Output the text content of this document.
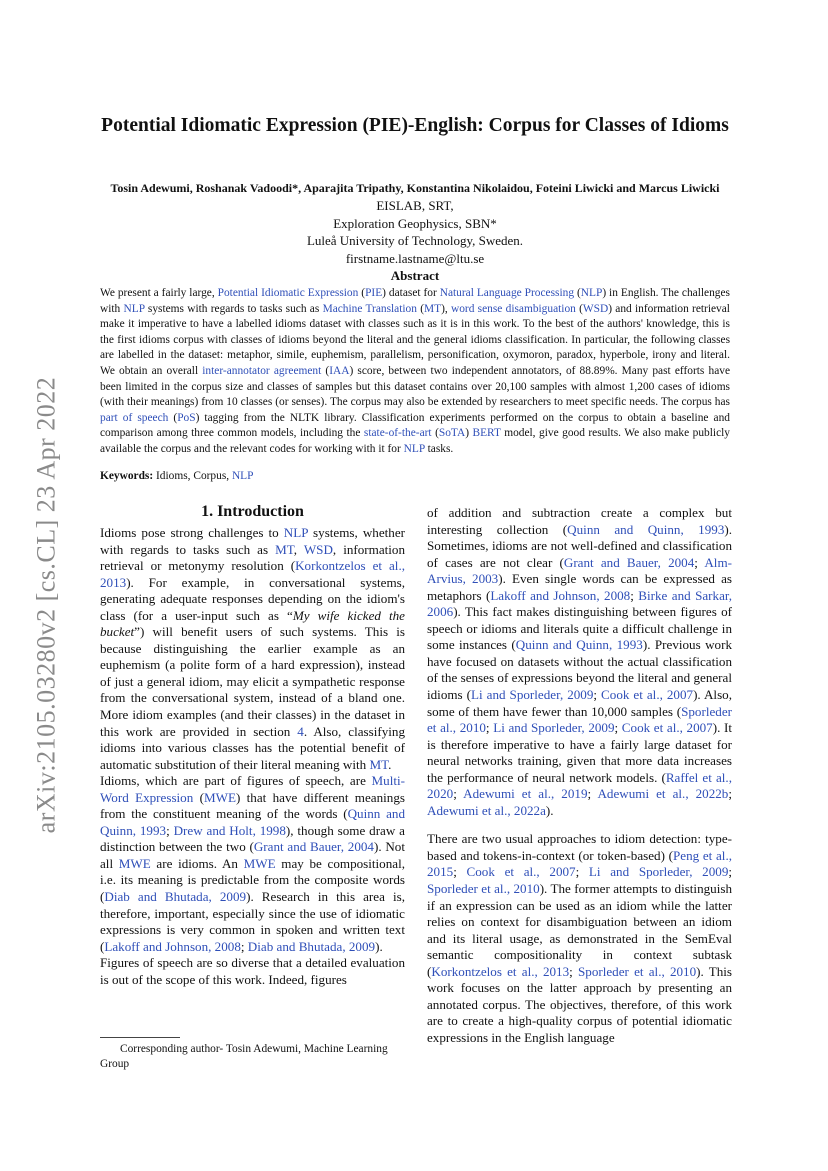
arXiv:2105.03280v2 [cs.CL] 23 Apr 2022
Potential Idiomatic Expression (PIE)-English: Corpus for Classes of Idioms
Tosin Adewumi, Roshanak Vadoodi*, Aparajita Tripathy, Konstantina Nikolaidou, Foteini Liwicki and Marcus Liwicki
EISLAB, SRT,
Exploration Geophysics, SBN*
Luleå University of Technology, Sweden.
firstname.lastname@ltu.se
Abstract
We present a fairly large, Potential Idiomatic Expression (PIE) dataset for Natural Language Processing (NLP) in English. The challenges with NLP systems with regards to tasks such as Machine Translation (MT), word sense disambiguation (WSD) and information retrieval make it imperative to have a labelled idioms dataset with classes such as it is in this work. To the best of the authors' knowledge, this is the first idioms corpus with classes of idioms beyond the literal and the general idioms classification. In particular, the following classes are labelled in the dataset: metaphor, simile, euphemism, parallelism, personification, oxymoron, paradox, hyperbole, irony and literal. We obtain an overall inter-annotator agreement (IAA) score, between two independent annotators, of 88.89%. Many past efforts have been limited in the corpus size and classes of samples but this dataset contains over 20,100 samples with almost 1,200 cases of idioms (with their meanings) from 10 classes (or senses). The corpus may also be extended by researchers to meet specific needs. The corpus has part of speech (PoS) tagging from the NLTK library. Classification experiments performed on the corpus to obtain a baseline and comparison among three common models, including the state-of-the-art (SoTA) BERT model, give good results. We also make publicly available the corpus and the relevant codes for working with it for NLP tasks.
Keywords: Idioms, Corpus, NLP
1. Introduction

Idioms pose strong challenges to NLP systems, whether with regards to tasks such as MT, WSD, information retrieval or metonymy resolution (Korkontzelos et al., 2013). For example, in conversational systems, generating adequate responses depending on the idiom's class (for a user-input such as “My wife kicked the bucket”) will benefit users of such systems. This is because distinguishing the earlier example as an euphemism (a polite form of a hard expression), instead of just a general idiom, may elicit a sympathetic response from the conversational system, instead of a bland one. More idiom examples (and their classes) in the dataset in this work are provided in section 4. Also, classifying idioms into various classes has the potential benefit of automatic substitution of their literal meaning with MT.

Idioms, which are part of figures of speech, are Multi-Word Expression (MWE) that have different meanings from the constituent meaning of the words (Quinn and Quinn, 1993; Drew and Holt, 1998), though some draw a distinction between the two (Grant and Bauer, 2004). Not all MWE are idioms. An MWE may be compositional, i.e. its meaning is predictable from the composite words (Diab and Bhutada, 2009). Research in this area is, therefore, important, especially since the use of idiomatic expressions is very common in spoken and written text (Lakoff and Johnson, 2008; Diab and Bhutada, 2009).

Figures of speech are so diverse that a detailed evaluation is out of the scope of this work. Indeed, figures

of addition and subtraction create a complex but interesting collection (Quinn and Quinn, 1993). Sometimes, idioms are not well-defined and classification of cases are not clear (Grant and Bauer, 2004; Alm-Arvius, 2003). Even single words can be expressed as metaphors (Lakoff and Johnson, 2008; Birke and Sarkar, 2006). This fact makes distinguishing between figures of speech or idioms and literals quite a difficult challenge in some instances (Quinn and Quinn, 1993). Previous work have focused on datasets without the actual classification of the senses of expressions beyond the literal and general idioms (Li and Sporleder, 2009; Cook et al., 2007). Also, some of them have fewer than 10,000 samples (Sporleder et al., 2010; Li and Sporleder, 2009; Cook et al., 2007). It is therefore imperative to have a fairly large dataset for neural networks training, given that more data increases the performance of neural network models. (Raffel et al., 2020; Adewumi et al., 2019; Adewumi et al., 2022b; Adewumi et al., 2022a).

There are two usual approaches to idiom detection: type-based and tokens-in-context (or token-based) (Peng et al., 2015; Cook et al., 2007; Li and Sporleder, 2009; Sporleder et al., 2010). The former attempts to distinguish if an expression can be used as an idiom while the latter relies on context for disambiguation between an idiom and its literal usage, as demonstrated in the SemEval semantic compositionality in context subtask (Korkontzelos et al., 2013; Sporleder et al., 2010). This work focuses on the latter approach by presenting an annotated corpus. The objectives, therefore, of this work are to create a high-quality corpus of potential idiomatic expressions in the English language

Corresponding author- Tosin Adewumi, Machine Learning Group
